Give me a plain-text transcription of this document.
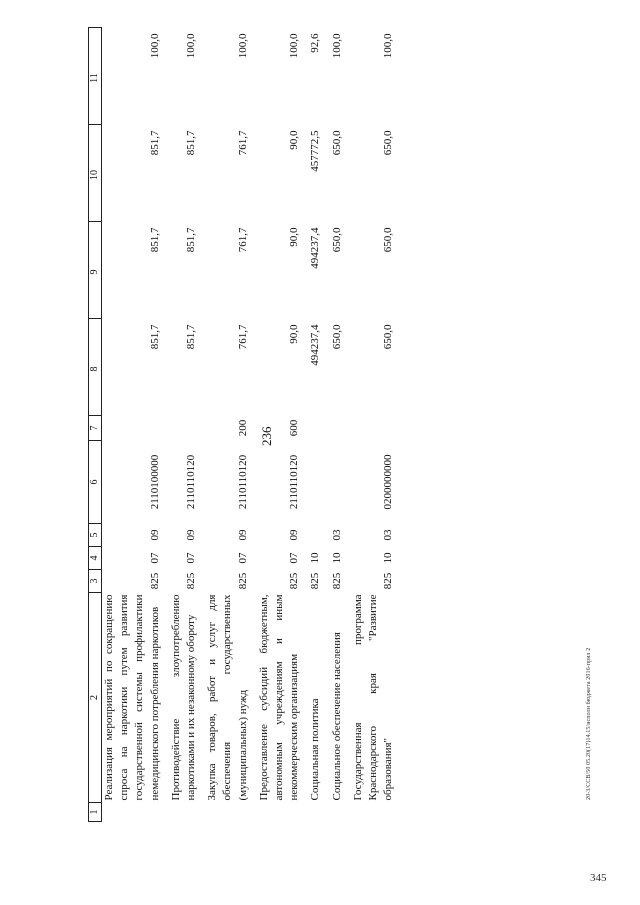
236
1	2	3	4	5	6	7	8	9	10	11
	Реализация мероприятий по сокращению спроса на наркотики путем развития государственной системы профилактики немедицинского потребления наркотиков	825	07	09	2110100000		851,7	851,7	851,7	100,0
	Противодействие злоупотреблению наркотиками и их незаконному обороту	825	07	09	2110110120		851,7	851,7	851,7	100,0
	Закупка товаров, работ и услуг для обеспечения государственных (муниципальных) нужд	825	07	09	2110110120	200	761,7	761,7	761,7	100,0
	Предоставление субсидий бюджетным, автономным учреждениям и иным некоммерческим организациям	825	07	09	2110110120	600	90,0	90,0	90,0	100,0
	Социальная политика	825	10				494237,4	494237,4	457772,5	92,6
	Социальное обеспечение населения	825	10	03			650,0	650,0	650,0	100,0
	Государственная программа Краснодарского края "Развитие образования"	825	10	03	0200000000		650,0	650,0	650,0	100,0
20-3/ССВ/50 05.20(17)14.15/исполн бюджета 2016-прил 2
345
